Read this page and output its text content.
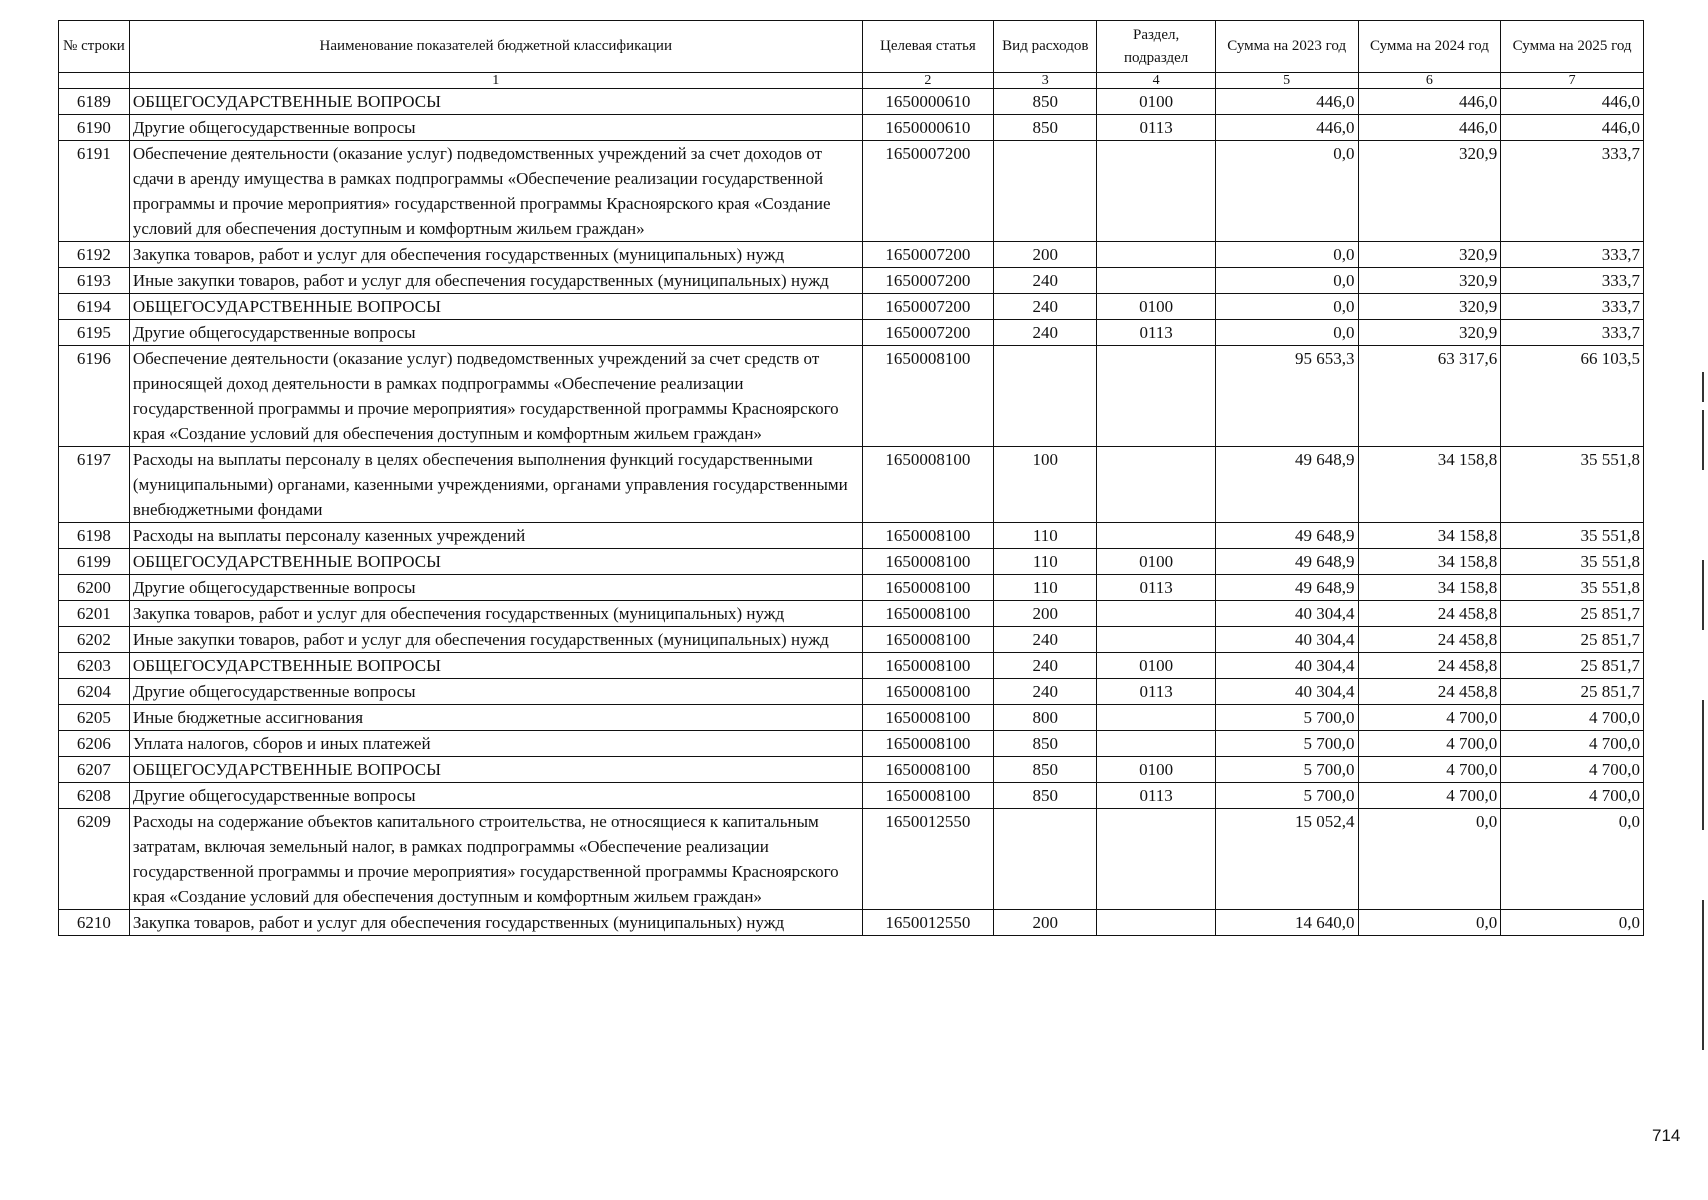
№ строки	Наименование показателей бюджетной классификации	Целевая статья	Вид расходов	Раздел, подраздел	Сумма на 2023 год	Сумма на 2024 год	Сумма на 2025 год
	1	2	3	4	5	6	7
6189	ОБЩЕГОСУДАРСТВЕННЫЕ ВОПРОСЫ	1650000610	850	0100	446,0	446,0	446,0
6190	Другие общегосударственные вопросы	1650000610	850	0113	446,0	446,0	446,0
6191	Обеспечение деятельности (оказание услуг) подведомственных учреждений за счет доходов от сдачи в аренду имущества в рамках подпрограммы «Обеспечение реализации государственной программы и прочие мероприятия» государственной программы Красноярского края «Создание условий для обеспечения доступным и комфортным жильем граждан»	1650007200			0,0	320,9	333,7
6192	Закупка товаров, работ и услуг для обеспечения государственных (муниципальных) нужд	1650007200	200		0,0	320,9	333,7
6193	Иные закупки товаров, работ и услуг для обеспечения государственных (муниципальных) нужд	1650007200	240		0,0	320,9	333,7
6194	ОБЩЕГОСУДАРСТВЕННЫЕ ВОПРОСЫ	1650007200	240	0100	0,0	320,9	333,7
6195	Другие общегосударственные вопросы	1650007200	240	0113	0,0	320,9	333,7
6196	Обеспечение деятельности (оказание услуг) подведомственных учреждений за счет средств от приносящей доход деятельности в рамках подпрограммы «Обеспечение реализации государственной программы и прочие мероприятия» государственной программы Красноярского края «Создание условий для обеспечения доступным и комфортным жильем граждан»	1650008100			95 653,3	63 317,6	66 103,5
6197	Расходы на выплаты персоналу в целях обеспечения выполнения функций государственными (муниципальными) органами, казенными учреждениями, органами управления государственными внебюджетными фондами	1650008100	100		49 648,9	34 158,8	35 551,8
6198	Расходы на выплаты персоналу казенных учреждений	1650008100	110		49 648,9	34 158,8	35 551,8
6199	ОБЩЕГОСУДАРСТВЕННЫЕ ВОПРОСЫ	1650008100	110	0100	49 648,9	34 158,8	35 551,8
6200	Другие общегосударственные вопросы	1650008100	110	0113	49 648,9	34 158,8	35 551,8
6201	Закупка товаров, работ и услуг для обеспечения государственных (муниципальных) нужд	1650008100	200		40 304,4	24 458,8	25 851,7
6202	Иные закупки товаров, работ и услуг для обеспечения государственных (муниципальных) нужд	1650008100	240		40 304,4	24 458,8	25 851,7
6203	ОБЩЕГОСУДАРСТВЕННЫЕ ВОПРОСЫ	1650008100	240	0100	40 304,4	24 458,8	25 851,7
6204	Другие общегосударственные вопросы	1650008100	240	0113	40 304,4	24 458,8	25 851,7
6205	Иные бюджетные ассигнования	1650008100	800		5 700,0	4 700,0	4 700,0
6206	Уплата налогов, сборов и иных платежей	1650008100	850		5 700,0	4 700,0	4 700,0
6207	ОБЩЕГОСУДАРСТВЕННЫЕ ВОПРОСЫ	1650008100	850	0100	5 700,0	4 700,0	4 700,0
6208	Другие общегосударственные вопросы	1650008100	850	0113	5 700,0	4 700,0	4 700,0
6209	Расходы на содержание объектов капитального строительства, не относящиеся к капитальным затратам, включая земельный налог, в рамках подпрограммы «Обеспечение реализации государственной программы и прочие мероприятия» государственной программы Красноярского края «Создание условий для обеспечения доступным и комфортным жильем граждан»	1650012550			15 052,4	0,0	0,0
6210	Закупка товаров, работ и услуг для обеспечения государственных (муниципальных) нужд	1650012550	200		14 640,0	0,0	0,0
714
